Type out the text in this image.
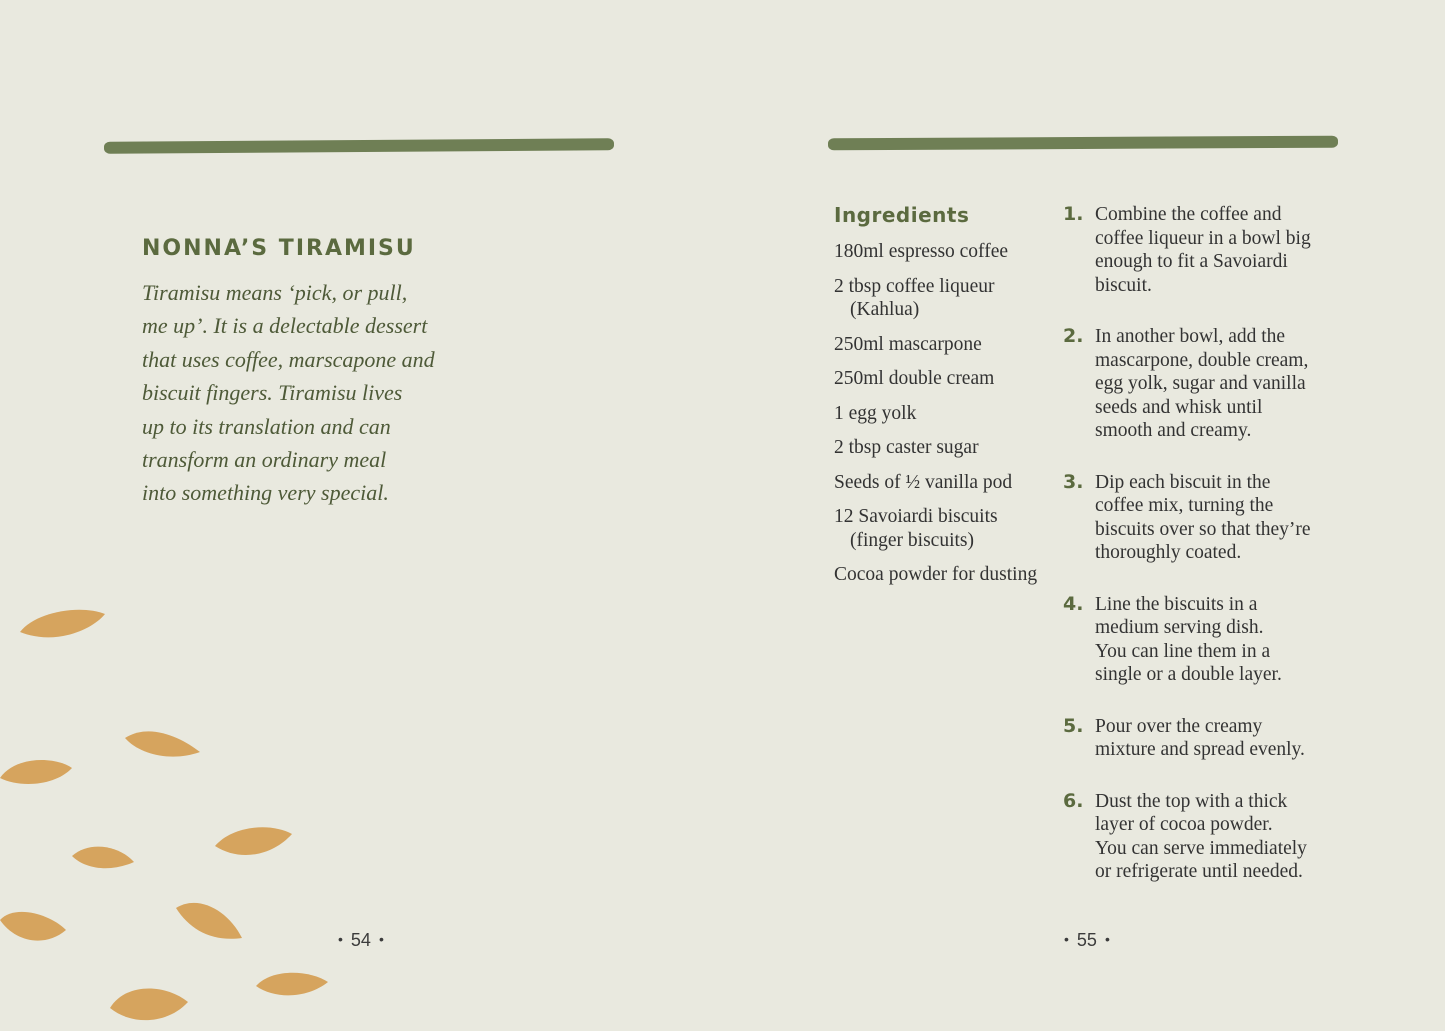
NONNA’S TIRAMISU
Tiramisu means ‘pick, or pull,
me up’. It is a delectable dessert
that uses coffee, marscapone and
biscuit fingers. Tiramisu lives
up to its translation and can
transform an ordinary meal
into something very special.
• 54 •
Ingredients
180ml espresso coffee
2 tbsp coffee liqueur (Kahlua)
250ml mascarpone
250ml double cream
1 egg yolk
2 tbsp caster sugar
Seeds of ½ vanilla pod
12 Savoiardi biscuits (finger biscuits)
Cocoa powder for dusting
1. Combine the coffee and
coffee liqueur in a bowl big
enough to fit a Savoiardi
biscuit.
2. In another bowl, add the
mascarpone, double cream,
egg yolk, sugar and vanilla
seeds and whisk until
smooth and creamy.
3. Dip each biscuit in the
coffee mix, turning the
biscuits over so that they’re
thoroughly coated.
4. Line the biscuits in a
medium serving dish.
You can line them in a
single or a double layer.
5. Pour over the creamy
mixture and spread evenly.
6. Dust the top with a thick
layer of cocoa powder.
You can serve immediately
or refrigerate until needed.
• 55 •
